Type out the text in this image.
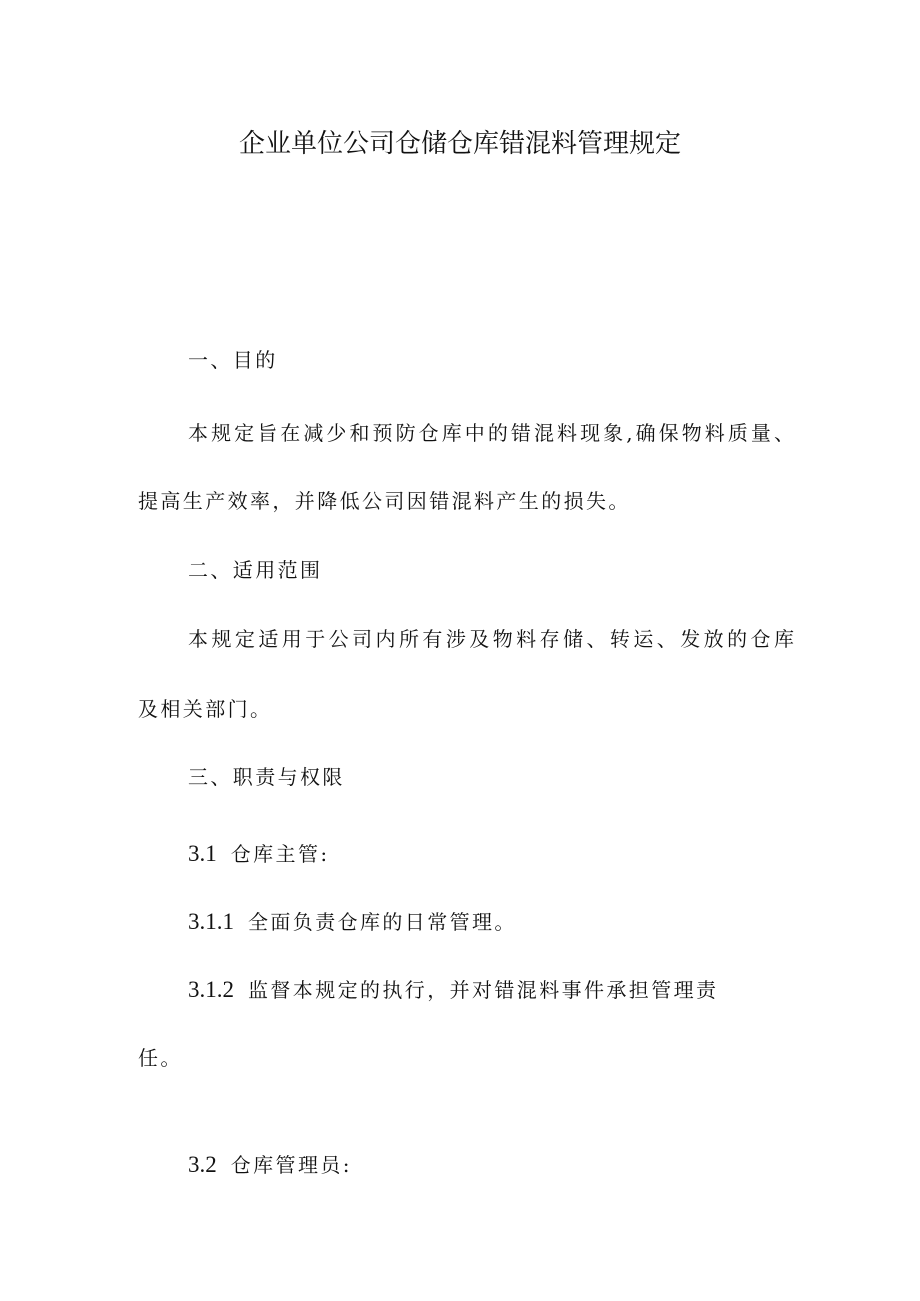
企业单位公司仓储仓库错混料管理规定
一、目的
本规定旨在减少和预防仓库中的错混料现象,确保物料质量、
提高生产效率，并降低公司因错混料产生的损失。
二、适用范围
本规定适用于公司内所有涉及物料存储、转运、发放的仓库
及相关部门。
三、职责与权限
3.1 仓库主管:
3.1.1 全面负责仓库的日常管理。
3.1.2 监督本规定的执行，并对错混料事件承担管理责
任。
3.2 仓库管理员:
